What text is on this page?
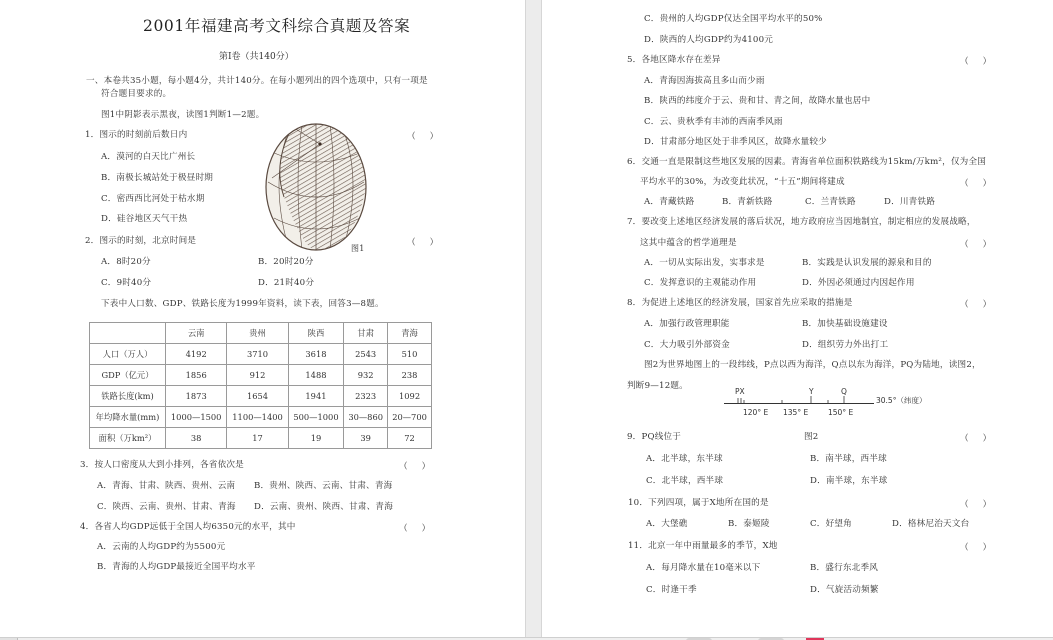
2001年福建高考文科综合真题及答案
第Ⅰ卷（共140分）
一、本卷共35小题，每小题4分，共计140分。在每小题列出的四个选项中，只有一项是
符合题目要求的。
图1中阴影表示黑夜，读图1判断1—2题。
1．图示的时刻前后数日内	（）
A．漠河的白天比广州长
B．南极长城站处于极昼时期
C．密西西比河处于枯水期
D．硅谷地区天气干热
图1
2．图示的时刻，北京时间是	（）
A．8时20分	B．20时20分
C．9时40分	D．21时40分
下表中人口数、GDP、铁路长度为1999年资料，读下表，回答3—8题。
	云南	贵州	陕西	甘肃	青海
人口（万人）	4192	3710	3618	2543	510
GDP（亿元）	1856	912	1488	932	238
铁路长度(km)	1873	1654	1941	2323	1092
年均降水量(mm)	1000—1500	1100—1400	500—1000	30—860	20—700
面积（万km²）	38	17	19	39	72
3．按人口密度从大到小排列，各省依次是	（）
A．青海、甘肃、陕西、贵州、云南 B．贵州、陕西、云南、甘肃、青海
C．陕西、云南、贵州、甘肃、青海 D．云南、贵州、陕西、甘肃、青海
4．各省人均GDP远低于全国人均6350元的水平，其中	（）
A．云南的人均GDP约为5500元
B．青海的人均GDP最接近全国平均水平
C．贵州的人均GDP仅达全国平均水平的50%
D．陕西的人均GDP约为4100元
5．各地区降水存在差异	（）
A．青海因海拔高且多山而少雨
B．陕西的纬度介于云、贵和甘、青之间，故降水量也居中
C．云、贵秋季有丰沛的西南季风雨
D．甘肃部分地区处于非季风区，故降水量较少
6．交通一直是限制这些地区发展的因素。青海省单位面积铁路线为15km/万km²，仅为全国
平均水平的30%，为改变此状况，“十五”期间将建成	（）
A．青藏铁路	B．青新铁路	C．兰青铁路	D．川青铁路
7．要改变上述地区经济发展的落后状况，地方政府应当因地制宜，制定相应的发展战略，
这其中蕴含的哲学道理是	（）
A．一切从实际出发，实事求是	B．实践是认识发展的源泉和目的
C．发挥意识的主观能动作用	D．外因必须通过内因起作用
8．为促进上述地区的经济发展，国家首先应采取的措施是	（）
A．加强行政管理职能	B．加快基础设施建设
C．大力吸引外部资金	D．组织劳力外出打工
图2为世界地图上的一段纬线，P点以西为海洋，Q点以东为海洋，PQ为陆地，读图2，
判断9—12题。
PX	Y	Q
30.5°（纬度）
120° E 135° E	150° E
9．PQ线位于	图2	（）
A．北半球，东半球	B．南半球，西半球
C．北半球，西半球	D．南半球，东半球
10．下列四项，属于X地所在国的是	（）
A．大堡礁	B．泰姬陵	C．好望角	D．格林尼治天文台
11．北京一年中雨量最多的季节，X地	（）
A．每月降水量在10毫米以下	B．盛行东北季风
C．时逢干季	D．气旋活动频繁
